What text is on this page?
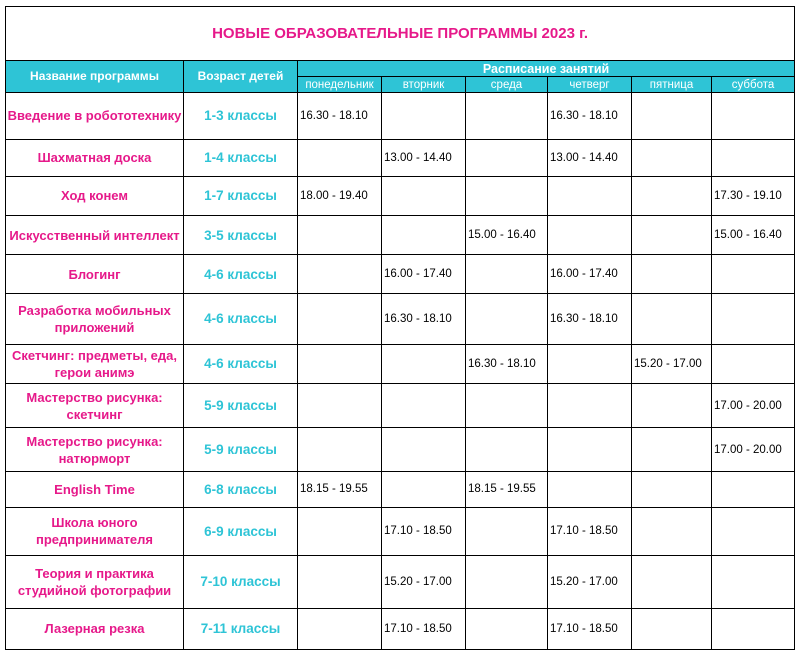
НОВЫЕ ОБРАЗОВАТЕЛЬНЫЕ ПРОГРАММЫ 2023 г.							
Название программы	Возраст детей	Расписание занятий					
		понедельник	вторник	среда	четверг	пятница	суббота
Введение в робототехнику	1-3 классы	16.30 - 18.10			16.30 - 18.10		
Шахматная доска	1-4 классы		13.00 - 14.40		13.00 - 14.40		
Ход конем	1-7 классы	18.00 - 19.40					17.30 - 19.10
Искусственный интеллект	3-5 классы			15.00 - 16.40			15.00 - 16.40
Блогинг	4-6 классы		16.00 - 17.40		16.00 - 17.40		
Разработка мобильных приложений	4-6 классы		16.30 - 18.10		16.30 - 18.10		
Скетчинг: предметы, еда, герои анимэ	4-6 классы			16.30 - 18.10		15.20 - 17.00	
Мастерство рисунка: скетчинг	5-9 классы						17.00 - 20.00
Мастерство рисунка: натюрморт	5-9 классы						17.00 - 20.00
English Time	6-8 классы	18.15 - 19.55		18.15 - 19.55			
Школа юного предпринимателя	6-9 классы		17.10 - 18.50		17.10 - 18.50		
Теория и практика студийной фотографии	7-10 классы		15.20 - 17.00		15.20 - 17.00		
Лазерная резка	7-11 классы		17.10 - 18.50		17.10 - 18.50		
